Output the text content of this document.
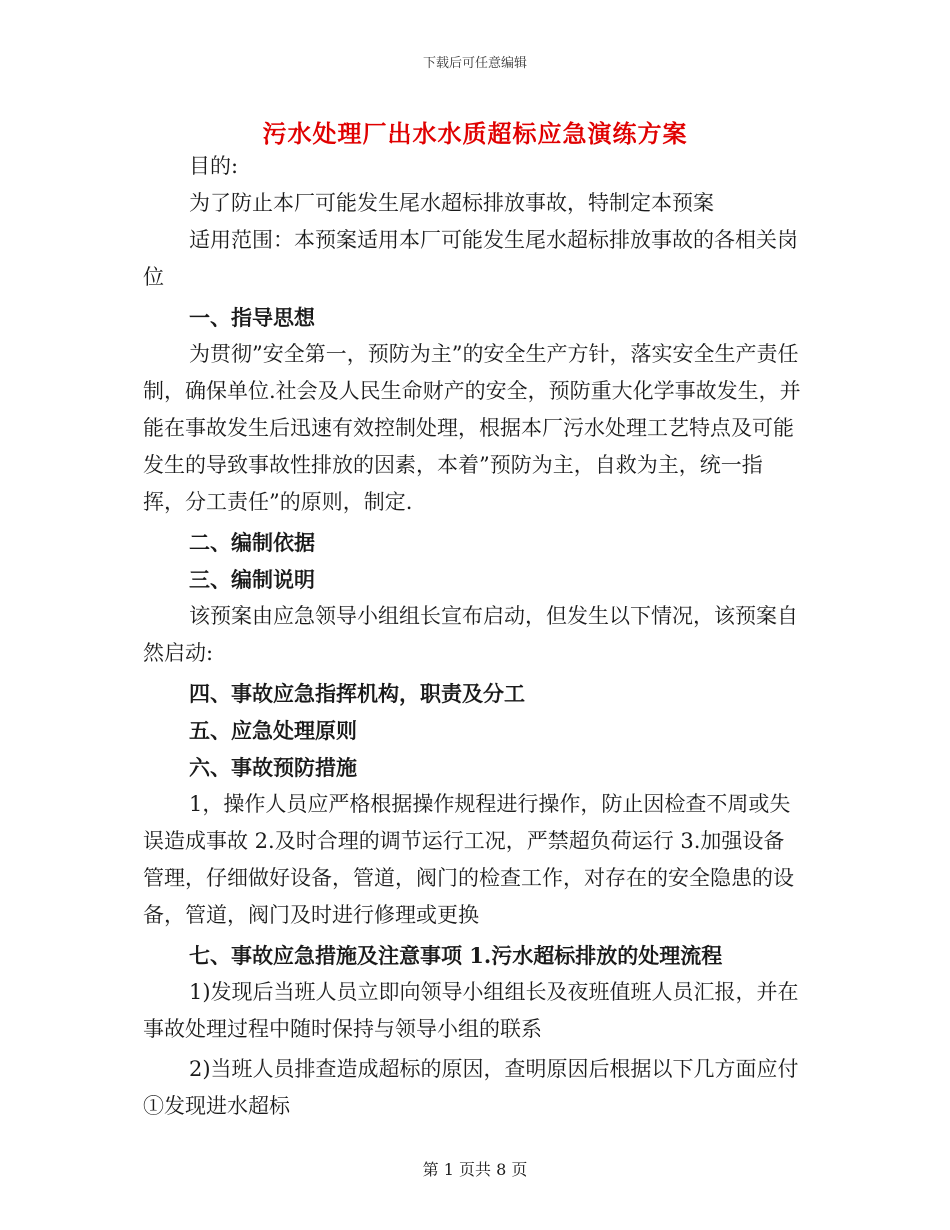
下载后可任意编辑
污水处理厂出水水质超标应急演练方案

目的:

为了防止本厂可能发生尾水超标排放事故，特制定本预案

适用范围：本预案适用本厂可能发生尾水超标排放事故的各相关岗位

一、指导思想

为贯彻”安全第一，预防为主”的安全生产方针，落实安全生产责任制，确保单位.社会及人民生命财产的安全，预防重大化学事故发生，并能在事故发生后迅速有效控制处理，根据本厂污水处理工艺特点及可能发生的导致事故性排放的因素，本着”预防为主，自救为主，统一指挥，分工责任”的原则，制定.

二、编制依据

三、编制说明

该预案由应急领导小组组长宣布启动，但发生以下情况，该预案自然启动:

四、事故应急指挥机构，职责及分工

五、应急处理原则

六、事故预防措施

1，操作人员应严格根据操作规程进行操作，防止因检查不周或失误造成事故 2.及时合理的调节运行工况，严禁超负荷运行 3.加强设备管理，仔细做好设备，管道，阀门的检查工作，对存在的安全隐患的设备，管道，阀门及时进行修理或更换

七、事故应急措施及注意事项 1.污水超标排放的处理流程

1)发现后当班人员立即向领导小组组长及夜班值班人员汇报，并在事故处理过程中随时保持与领导小组的联系

2)当班人员排查造成超标的原因，查明原因后根据以下几方面应付①发现进水超标

第 1 页共 8 页
